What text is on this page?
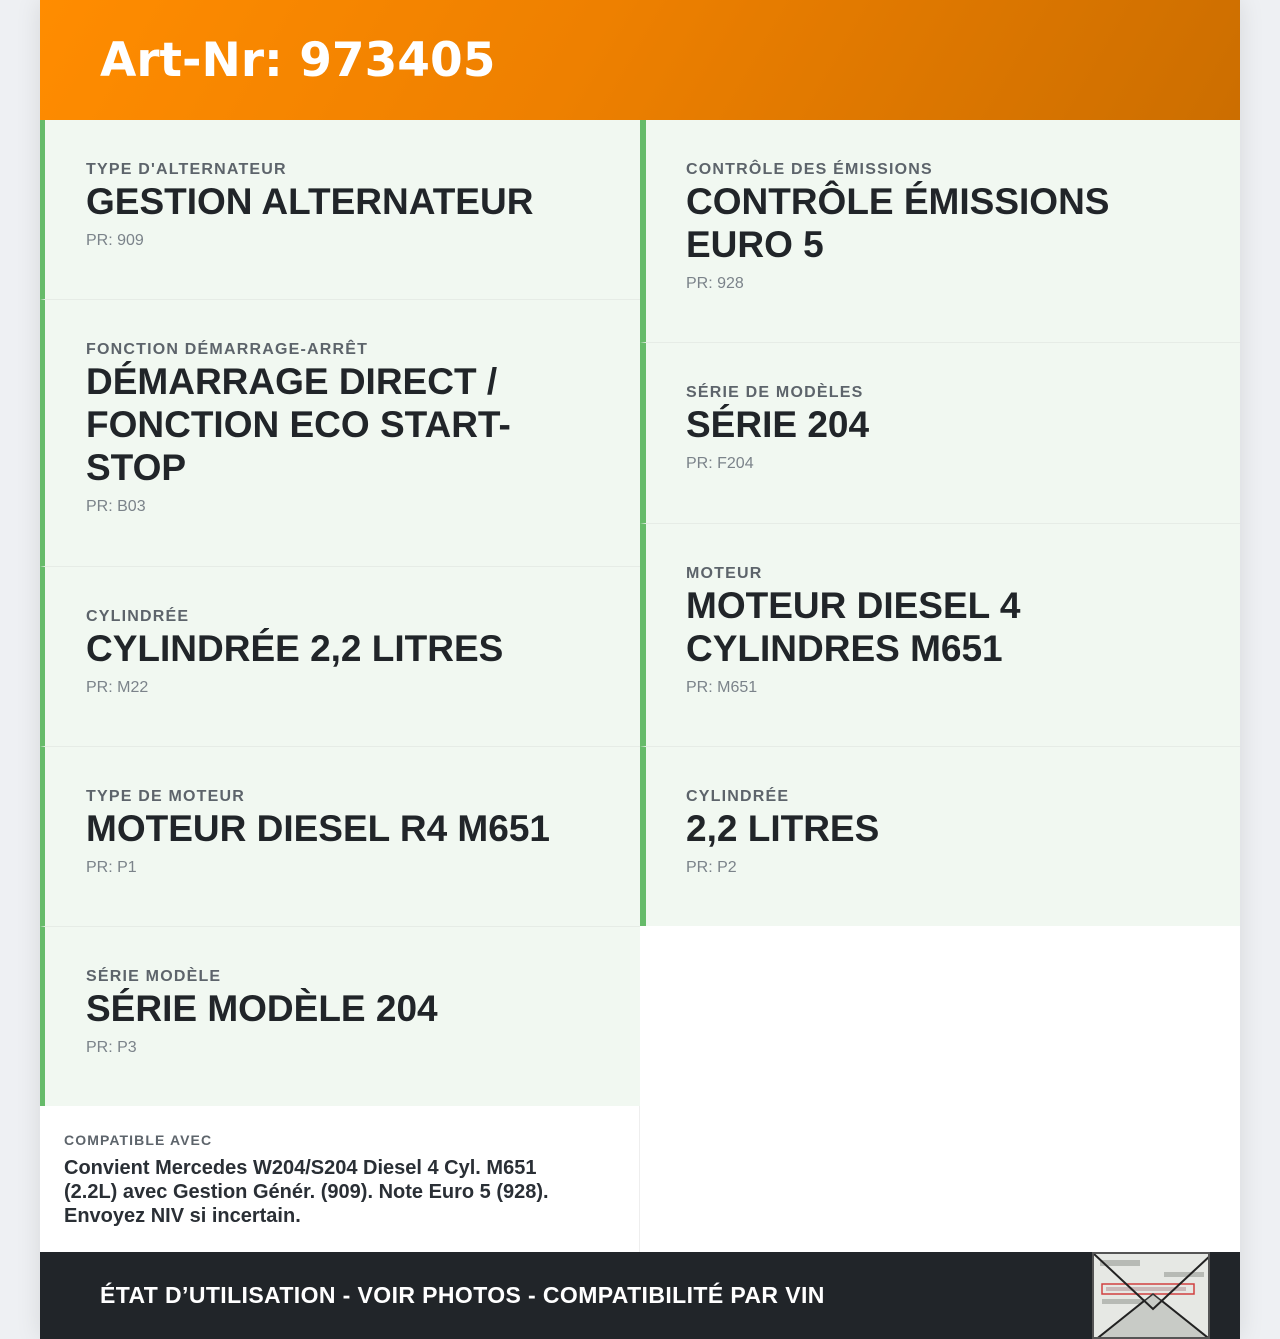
Art-Nr: 973405
TYPE D'ALTERNATEUR
GESTION ALTERNATEUR
PR: 909
FONCTION DÉMARRAGE-ARRÊT
DÉMARRAGE DIRECT / FONCTION ECO START-STOP
PR: B03
CYLINDRÉE
CYLINDRÉE 2,2 LITRES
PR: M22
TYPE DE MOTEUR
MOTEUR DIESEL R4 M651
PR: P1
SÉRIE MODÈLE
SÉRIE MODÈLE 204
PR: P3
CONTRÔLE DES ÉMISSIONS
CONTRÔLE ÉMISSIONS EURO 5
PR: 928
SÉRIE DE MODÈLES
SÉRIE 204
PR: F204
MOTEUR
MOTEUR DIESEL 4 CYLINDRES M651
PR: M651
CYLINDRÉE
2,2 LITRES
PR: P2
COMPATIBLE AVEC
Convient Mercedes W204/S204 Diesel 4 Cyl. M651 (2.2L) avec Gestion Génér. (909). Note Euro 5 (928). Envoyez NIV si incertain.
ÉTAT D’UTILISATION - VOIR PHOTOS - COMPATIBILITÉ PAR VIN
